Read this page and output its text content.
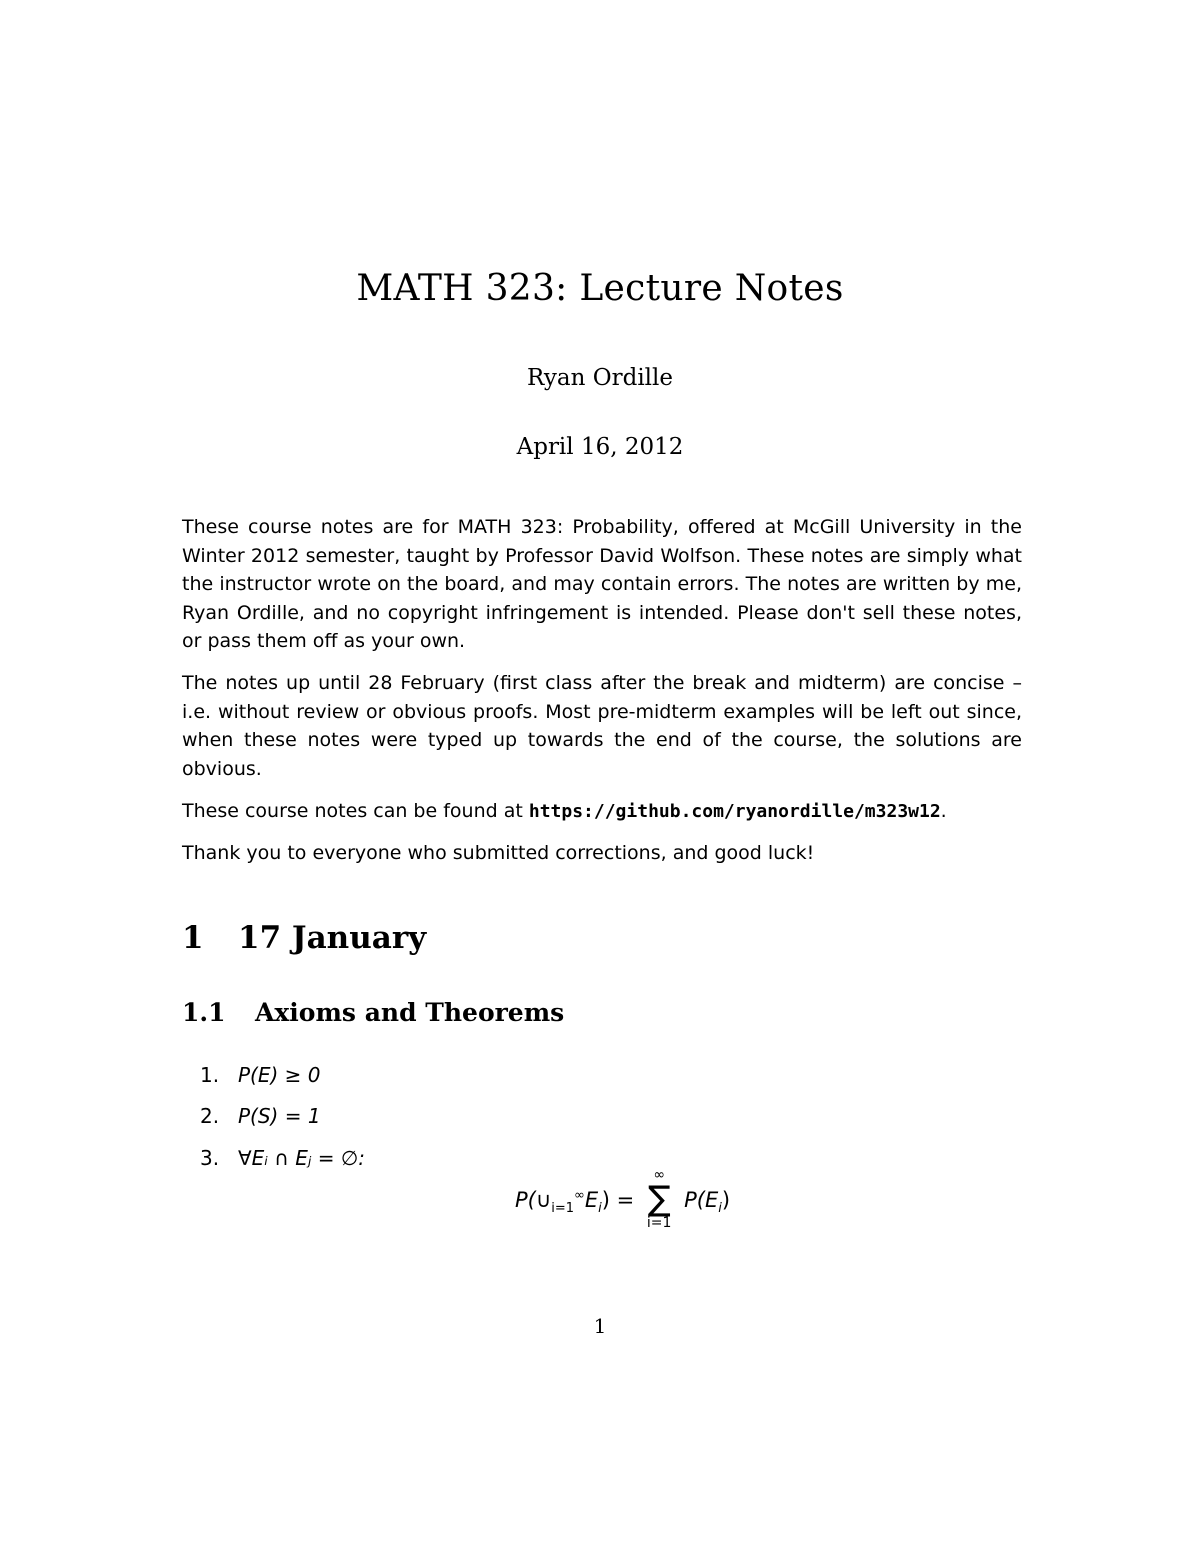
MATH 323: Lecture Notes
Ryan Ordille
April 16, 2012

These course notes are for MATH 323: Probability, offered at McGill University in the Winter 2012 semester, taught by Professor David Wolfson. These notes are simply what the instructor wrote on the board, and may contain errors. The notes are written by me, Ryan Ordille, and no copyright infringement is intended. Please don't sell these notes, or pass them off as your own.

The notes up until 28 February (first class after the break and midterm) are concise – i.e. without review or obvious proofs. Most pre-midterm examples will be left out since, when these notes were typed up towards the end of the course, the solutions are obvious.

These course notes can be found at https://github.com/ryanordille/m323w12.

Thank you to everyone who submitted corrections, and good luck!

1 17 January
1.1 Axioms and Theorems
1. P(E) ≥ 0
2. P(S) = 1
3. ∀Eᵢ ∩ Eⱼ = ∅:
$P(\cup_{i=1}^\infty E_i)$ =
∞
∑
i=1
$P(E_i)$
1
